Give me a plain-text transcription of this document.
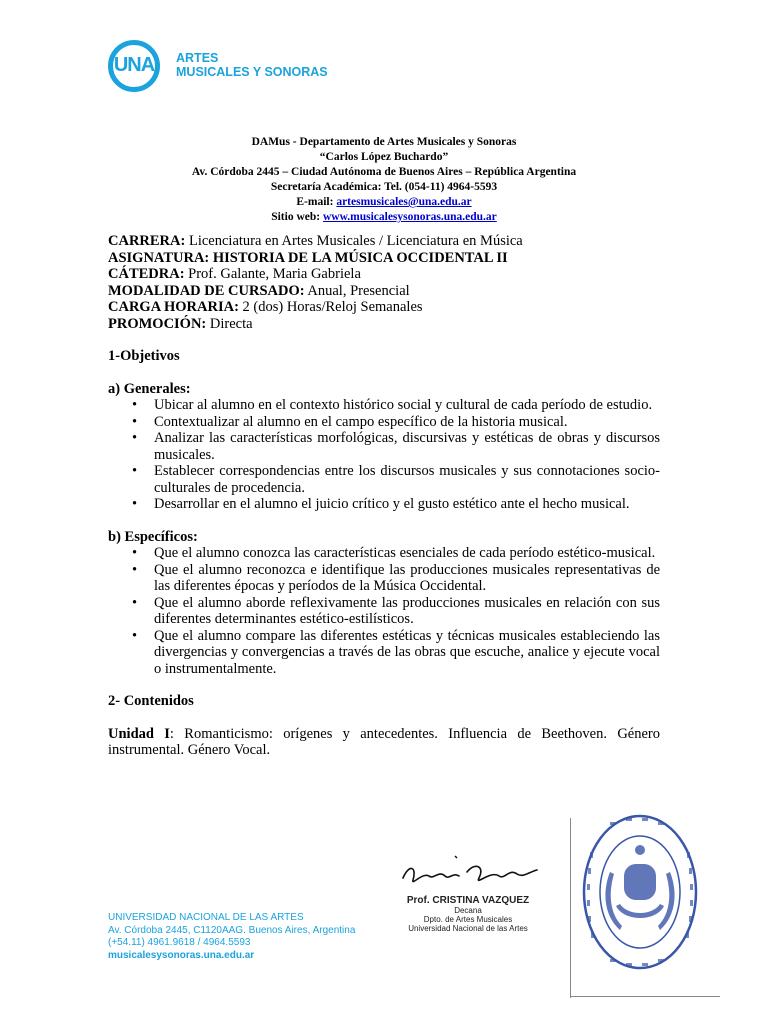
UNA ARTES
MUSICALES Y SONORAS
DAMus - Departamento de Artes Musicales y Sonoras
“Carlos López Buchardo”
Av. Córdoba 2445 – Ciudad Autónoma de Buenos Aires – República Argentina
Secretaría Académica: Tel. (054-11) 4964-5593
E-mail: artesmusicales@una.edu.ar
Sitio web: www.musicalesysonoras.una.edu.ar
CARRERA: Licenciatura en Artes Musicales / Licenciatura en Música
ASIGNATURA: HISTORIA DE LA MÚSICA OCCIDENTAL II
CÁTEDRA: Prof. Galante, Maria Gabriela
MODALIDAD DE CURSADO: Anual, Presencial
CARGA HORARIA: 2 (dos) Horas/Reloj Semanales
PROMOCIÓN: Directa
1-Objetivos
a) Generales:
• Ubicar al alumno en el contexto histórico social y cultural de cada período de estudio.
• Contextualizar al alumno en el campo específico de la historia musical.
• Analizar las características morfológicas, discursivas y estéticas de obras y discursos musicales.
• Establecer correspondencias entre los discursos musicales y sus connotaciones socio-culturales de procedencia.
• Desarrollar en el alumno el juicio crítico y el gusto estético ante el hecho musical.
b) Específicos:
• Que el alumno conozca las características esenciales de cada período estético-musical.
• Que el alumno reconozca e identifique las producciones musicales representativas de las diferentes épocas y períodos de la Música Occidental.
• Que el alumno aborde reflexivamente las producciones musicales en relación con sus diferentes determinantes estético-estilísticos.
• Que el alumno compare las diferentes estéticas y técnicas musicales estableciendo las divergencias y convergencias a través de las obras que escuche, analice y ejecute vocal o instrumentalmente.
2- Contenidos
Unidad I: Romanticismo: orígenes y antecedentes. Influencia de Beethoven. Género instrumental. Género Vocal.
Prof. CRISTINA VAZQUEZ
Decana
Dpto. de Artes Musicales
Universidad Nacional de las Artes
UNIVERSIDAD NACIONAL DE LAS ARTES
Av. Córdoba 2445, C1120AAG. Buenos Aires, Argentina
(+54.11) 4961.9618 / 4964.5593
musicalesysonoras.una.edu.ar
